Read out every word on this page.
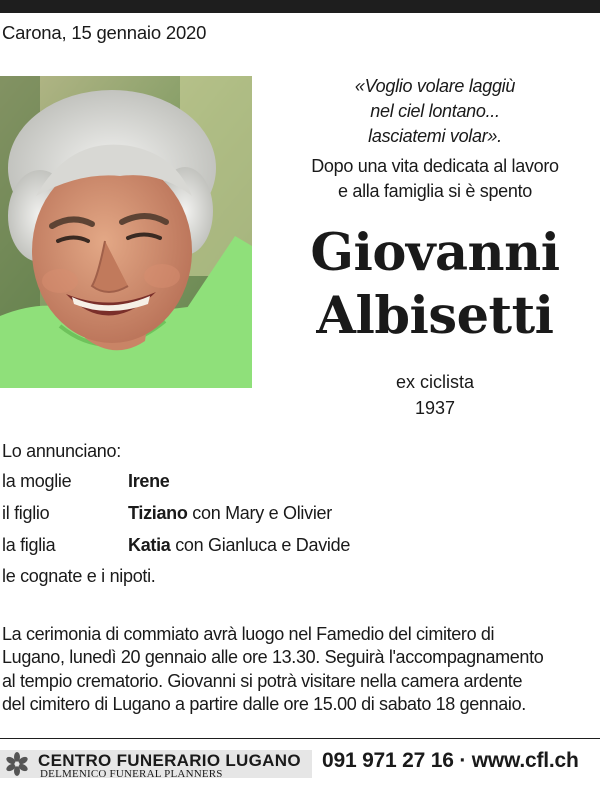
Carona, 15 gennaio 2020
«Voglio volare laggiù
nel ciel lontano...
lasciatemi volar».
Dopo una vita dedicata al lavoro
e alla famiglia si è spento
Giovanni
Albisetti
ex ciclista
1937
Lo annunciano:
la moglie	Irene
il figlio	Tiziano con Mary e Olivier
la figlia	Katia con Gianluca e Davide
le cognate e i nipoti.
La cerimonia di commiato avrà luogo nel Famedio del cimitero di
Lugano, lunedì 20 gennaio alle ore 13.30. Seguirà l'accompagnamento
al tempio crematorio. Giovanni si potrà visitare nella camera ardente
del cimitero di Lugano a partire dalle ore 15.00 di sabato 18 gennaio.
CENTRO FUNERARIO LUGANO
DELMENICO FUNERAL PLANNERS
091 971 27 16 · www.cfl.ch
